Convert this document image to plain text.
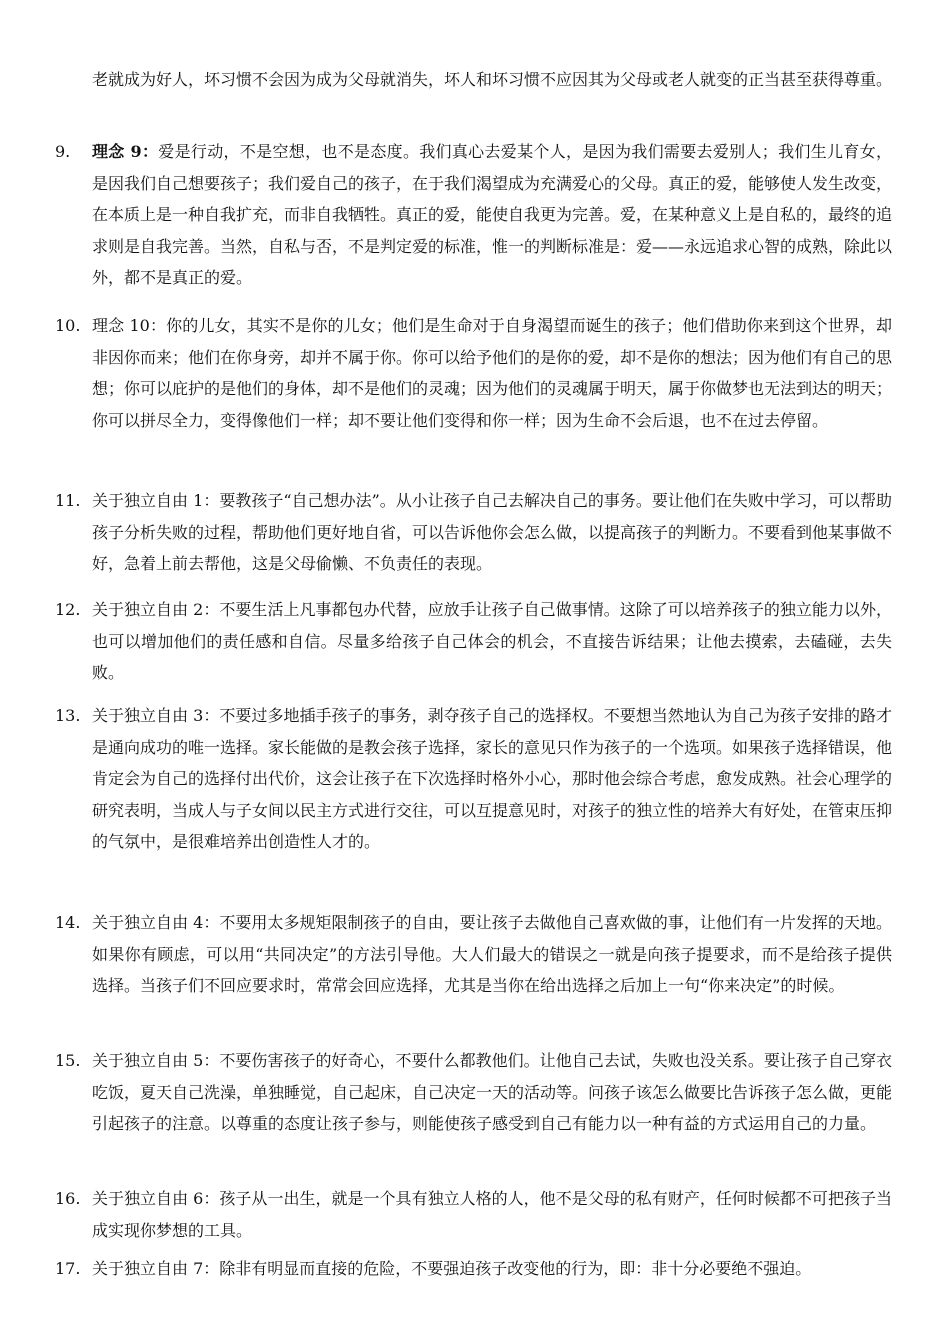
老就成为好人，坏习惯不会因为成为父母就消失，坏人和坏习惯不应因其为父母或老人就变的正当甚至获得尊重。

9.	理念 9：爱是行动，不是空想，也不是态度。我们真心去爱某个人，是因为我们需要去爱别人；我们生儿育女，是因我们自己想要孩子；我们爱自己的孩子，在于我们渴望成为充满爱心的父母。真正的爱，能够使人发生改变，在本质上是一种自我扩充，而非自我牺牲。真正的爱，能使自我更为完善。爱，在某种意义上是自私的，最终的追求则是自我完善。当然，自私与否，不是判定爱的标准，惟一的判断标准是：爱——永远追求心智的成熟，除此以外，都不是真正的爱。

10. 理念 10：你的儿女，其实不是你的儿女；他们是生命对于自身渴望而诞生的孩子；他们借助你来到这个世界，却非因你而来；他们在你身旁，却并不属于你。你可以给予他们的是你的爱，却不是你的想法；因为他们有自己的思想；你可以庇护的是他们的身体，却不是他们的灵魂；因为他们的灵魂属于明天，属于你做梦也无法到达的明天；你可以拼尽全力，变得像他们一样；却不要让他们变得和你一样；因为生命不会后退，也不在过去停留。

11. 关于独立自由 1：要教孩子“自己想办法”。从小让孩子自己去解决自己的事务。要让他们在失败中学习，可以帮助孩子分析失败的过程，帮助他们更好地自省，可以告诉他你会怎么做，以提高孩子的判断力。不要看到他某事做不好，急着上前去帮他，这是父母偷懒、不负责任的表现。

12. 关于独立自由 2：不要生活上凡事都包办代替，应放手让孩子自己做事情。这除了可以培养孩子的独立能力以外，也可以增加他们的责任感和自信。尽量多给孩子自己体会的机会，不直接告诉结果；让他去摸索，去磕碰，去失败。

13. 关于独立自由 3：不要过多地插手孩子的事务，剥夺孩子自己的选择权。不要想当然地认为自己为孩子安排的路才是通向成功的唯一选择。家长能做的是教会孩子选择，家长的意见只作为孩子的一个选项。如果孩子选择错误，他肯定会为自己的选择付出代价，这会让孩子在下次选择时格外小心，那时他会综合考虑，愈发成熟。社会心理学的研究表明，当成人与子女间以民主方式进行交往，可以互提意见时，对孩子的独立性的培养大有好处，在管束压抑的气氛中，是很难培养出创造性人才的。

14. 关于独立自由 4：不要用太多规矩限制孩子的自由，要让孩子去做他自己喜欢做的事，让他们有一片发挥的天地。如果你有顾虑，可以用“共同决定”的方法引导他。大人们最大的错误之一就是向孩子提要求，而不是给孩子提供选择。当孩子们不回应要求时，常常会回应选择，尤其是当你在给出选择之后加上一句“你来决定”的时候。

15. 关于独立自由 5：不要伤害孩子的好奇心，不要什么都教他们。让他自己去试，失败也没关系。要让孩子自己穿衣吃饭，夏天自己洗澡，单独睡觉，自己起床，自己决定一天的活动等。问孩子该怎么做要比告诉孩子怎么做，更能引起孩子的注意。以尊重的态度让孩子参与，则能使孩子感受到自己有能力以一种有益的方式运用自己的力量。

16. 关于独立自由 6：孩子从一出生，就是一个具有独立人格的人，他不是父母的私有财产，任何时候都不可把孩子当成实现你梦想的工具。

17. 关于独立自由 7：除非有明显而直接的危险，不要强迫孩子改变他的行为，即：非十分必要绝不强迫。
